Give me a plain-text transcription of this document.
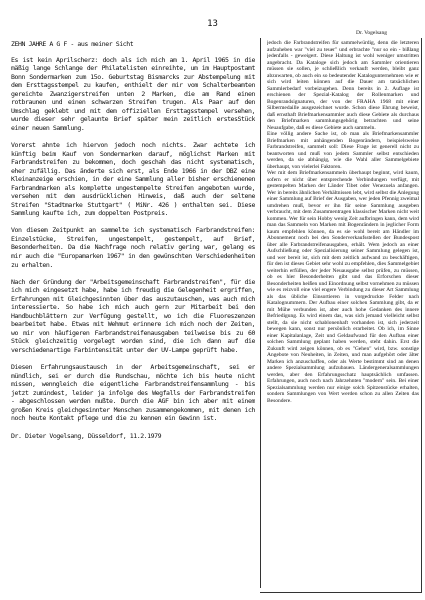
13
Dr. Vogelsang

ZEHN JAHRE A G F - aus meiner Sicht

Es ist kein Aprilscherz: doch als ich mich am 1. April 1965 in die mäßig lange Schlange der Philatelisten einreihte, um im Hauptpostamt Bonn Sondermarken zum 15o. Geburtstag Bismarcks zur Abstempelung mit dem Ersttagsstempel zu kaufen, enthielt der mir vom Schalterbeamten gereichte Zwanzigerstreifen unten 2 Marken, die am Rand einen rotbraunen und einen schwarzen Streifen trugen. Als Paar auf den Umschlag geklebt und mit dem offiziellen Ersttagsstempel versehen, wurde dieser sehr gelaunte Brief später mein zeitlich erstesStück einer neuen Sammlung.

Vorerst ahnte ich hiervon jedoch noch nichts. Zwar achtete ich künftig beim Kauf von Sondermarken darauf, möglichst Marken mit Farbrandstreifen zu bekommen, doch geschah das nicht systematisch, eher zufällig. Das änderte sich erst, als Ende 1966 in der DBZ eine Kleinanzeige erschien, in der eine Sammlung aller bisher erschienenen Farbrandmarken als komplette ungestempelte Streifen angeboten wurde, versehen mit dem ausdrücklichen Hinweis, daß auch der seltene Streifen "Stadtmarke Stuttgart" ( MiNr. 426 ) enthalten sei. Diese Sammlung kaufte ich, zum doppelten Postpreis.

Von diesem Zeitpunkt an sammelte ich systematisch Farbrandstreifen: Einzelstücke, Streifen, ungestempelt, gestempelt, auf Brief, Besonderheiten. Da die Nachfrage noch relativ gering war, gelang es mir auch die "Europamarken 1967" in den gewünschten Verschiedenheiten zu erhalten.

Nach der Gründung der "Arbeitsgemeinschaft Farbrandstreifen", für die ich mich eingesetzt habe, habe ich freudig die Gelegenheit ergriffen, Erfahrungen mit Gleichgesinnten über das auszutauschen, was auch mich interessierte. So habe ich mich auch gern zur Mitarbeit bei den Handbuchblättern zur Verfügung gestellt, wo ich die Fluoreszenzen bearbeitet habe. Etwas mit Wehmut erinnere ich mich noch der Zeiten, wo mir von häufigeren Farbrandstreifenausgaben teilweise bis zu 60 Stück gleichzeitig vorgelegt worden sind, die ich dann auf die verschiedenartige Farbintensität unter der UV-Lampe geprüft habe.

Diesen Erfahrungsaustausch in der Arbeitsgemeinschaft, sei er mündlich, sei er durch die Rundschau, möchte ich bis heute nicht missen, wenngleich die eigentliche Farbrandstreifensammlung - bis jetzt zumindest, leider ja infolge des Wegfalls der Farbrandstreifen - abgeschlossen werden mußte. Durch die AGF bin ich aber mit einem großen Kreis gleichgesinnter Menschen zusammengekommen, mit denen ich noch heute Kontakt pflege und die zu kennen ein Gewinn ist.

Dr. Dieter Vogelsang, Düsseldorf, 11.2.1979

jedoch die Farbrandstreifen für sammelwürdig, denn die letzteren aufzuheben war "viel zu teuer" und erbrachte "nur so ein - bißlang jedenfalls - geweigert. Diese Haltung ist wohl weniger umstritten angebracht. Da Kataloge sich jedoch am Sammler orientieren müssen sie sollen, je schließlich verkauft werden, bleibt ganz abzuwarten, ob auch ein so bedeutender Katalogunternehmen wie er sich wird leiten können auf die Dauer am tatsächlichen Sammlerbedarf vorbeizugehen. Denn bereits in 2. Auflage ist erschienen der Spezial-Katalog der Rollenmarken und Bogenrandsignaturen, der von der FRAHA 1968 mit einer Silbermedaille ausgezeichnet wurde. Schon diese Ehrung beweist, daß ernsthaft Briefmarkensammler auch diese Gebiete als durchaus den Briefmarken sammlungsgehörig betrachten und seine Neuaufgabe, daß es diese Gebiete auch sammeln.

Eine völlig andere Sache ist, ob man als Briefmarkensammler Briefmarken mit anhängenden Bogenrändern, beispielsweise Farbrandstreifen, sammelt soll: Diese Frage ist generell nicht zu beantworten und muß von jedem Sammler selbst entschieden werden, da sie abhängig, wie die Wahl aller Sammelgebiete überhaupt, von vielerlei Faktoren.

Wer mit dem Briefmarkensammeln überhaupt beginnt, wird kaum, sofern er nicht über entsprechende Verbindungen verfügt, mit gestempelten Marken der Länder Tibet oder Venezuela anfangen. Wer in bereits ähnlichen Verhältnissen lebt, wird selbst die Anlegung einer Sammlung auf Brief der Ausgaben, wer jeden Pfennig zweimal umdrehen muß, bevor er ihn für seine Sammlung ausgeben verbraucht, mit dem Zusammentragen klassischer Marken nicht weit kommen. Wer für sein Hobby wenig Zeit aufbringen kann, dem wird man das Sammeln von Marken mit Bogenrändern in jeglicher Form kaum empfehlen können, da es sie wohl bereit am Händler im Abonnement noch bei den Sonderverkaufsstellen der Bundespost über alle Farbrandstreifenausgaben, erhält. Wem jedoch an einer Aufschließung oder Spezialisierung seiner Sammlung gelegen ist, und wer bereit ist, sich mit dem zeitlich aufwand zu beschäftigen, für den ist dieses Gebiet sehr wohl zu empfehlen, dies Sammelgebiet weiterhin erfüllen, der jeder Neuausgabe selbst prüfen, zu müssen, ob es hier Besonderheiten gibt und das Erforschen dieser Besonderheiten heißen und Einordnung selbst vornehmen zu müssen wie es reizvoll eine viel engere Verbindung zu dieser Art Sammlung als das übliche Einsortieren in vorgedruckte Felder nach Katalognummern. Der Aufbau einer solchen Sammlung gibt, da er mit Mühe verbunden ist, aber auch hohe Gedanken des innere Befriedigung. Es wird einem das, was sich jemand vielleicht selbst stellt, da sie nicht schablonenhaft vorhanden ist, sich jederzeit bewegen kann, sonst nur persönlich erarbeitet. Ob ich, im Sinne einer Kapitalanlage, Zeit und Geldaufwand für den Aufbau einer solchen Sammlung geplant haben werden, steht dahin. Erst die Zukunft wird zeigen können, ob es "Gehen" wird, bzw. sonstige Angebote von Neuheiten, in Zeiten, und man aufgehört oder älter Marken ich anzuschaffen, oder als Werte bestimmt sind an denen andere Spezialsammlung aufzubauen. Ländergeneralsammlungen werden, aber den Erfahrungsschatz hauptsächlich umfassen. Erfahrungen, auch noch nach Jahrzehnten "modern" sein. Bei einer Spezialsammlung werden nur einige solch Spitzenstücke erhalten, sondern Sammlungen von Wert werden schon zu allen Zeiten das Besondere.
